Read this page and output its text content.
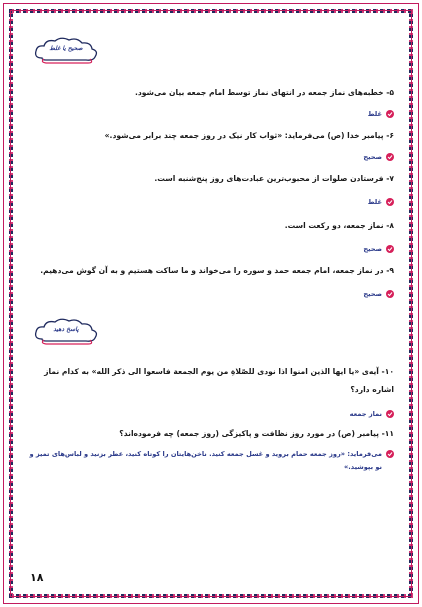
صحیح یا غلط

۵- خطبه‌های نماز جمعه در انتهای نماز توسط امام جمعه بیان می‌شود.

غلط

۶- پیامبر خدا (ص) می‌فرماید: «ثواب کار نیک در روز جمعه چند برابر می‌شود.»

صحیح

۷- فرستادن صلوات از محبوب‌ترین عبادت‌های روز پنج‌شنبه است.

غلط

۸- نماز جمعه، دو رکعت است.

صحیح

۹- در نماز جمعه، امام جمعه حمد و سوره را می‌خواند و ما ساکت هستیم و به آن گوش می‌دهیم.

صحیح
پاسخ دهید

۱۰- آیه‌ی «یا ایها الذین امنوا اذا نودی للصّلاةِ من یوم الجمعة فاسعوا الی ذکر الله» به کدام نماز اشاره دارد؟

نماز جمعه

۱۱- پیامبر (ص) در مورد روز نظافت و پاکیزگی (روز جمعه) چه فرموده‌اند؟

می‌فرماید: «روز جمعه حمام بروید و غسل جمعه کنید. ناخن‌هایتان را کوتاه کنید، عطر بزنید و لباس‌های تمیز و نو بپوشید.»
۱۸
